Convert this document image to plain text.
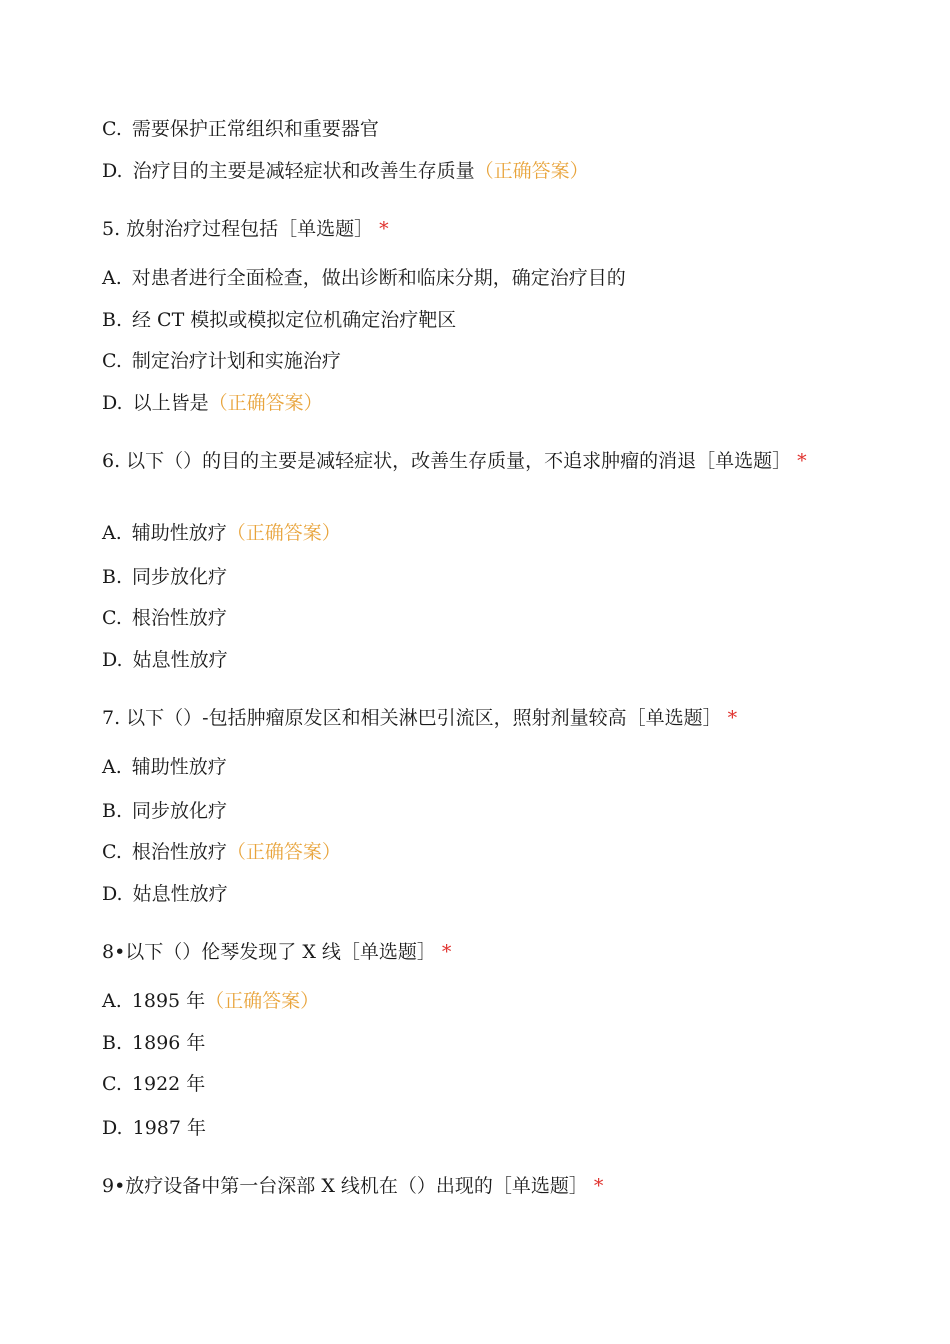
C. 需要保护正常组织和重要器官
D. 治疗目的主要是减轻症状和改善生存质量（正确答案）
5. 放射治疗过程包括［单选题］ *
A. 对患者进行全面检查，做出诊断和临床分期，确定治疗目的
B. 经 CT 模拟或模拟定位机确定治疗靶区
C. 制定治疗计划和实施治疗
D. 以上皆是（正确答案）
6. 以下（）的目的主要是减轻症状，改善生存质量，不追求肿瘤的消退［单选题］ *
A. 辅助性放疗（正确答案）
B. 同步放化疗
C. 根治性放疗
D. 姑息性放疗
7. 以下（）-包括肿瘤原发区和相关淋巴引流区，照射剂量较高［单选题］ *
A. 辅助性放疗
B. 同步放化疗
C. 根治性放疗（正确答案）
D. 姑息性放疗
8•以下（）伦琴发现了 X 线［单选题］ *
A. 1895 年（正确答案）
B. 1896 年
C. 1922 年
D. 1987 年
9•放疗设备中第一台深部 X 线机在（）出现的［单选题］ *
